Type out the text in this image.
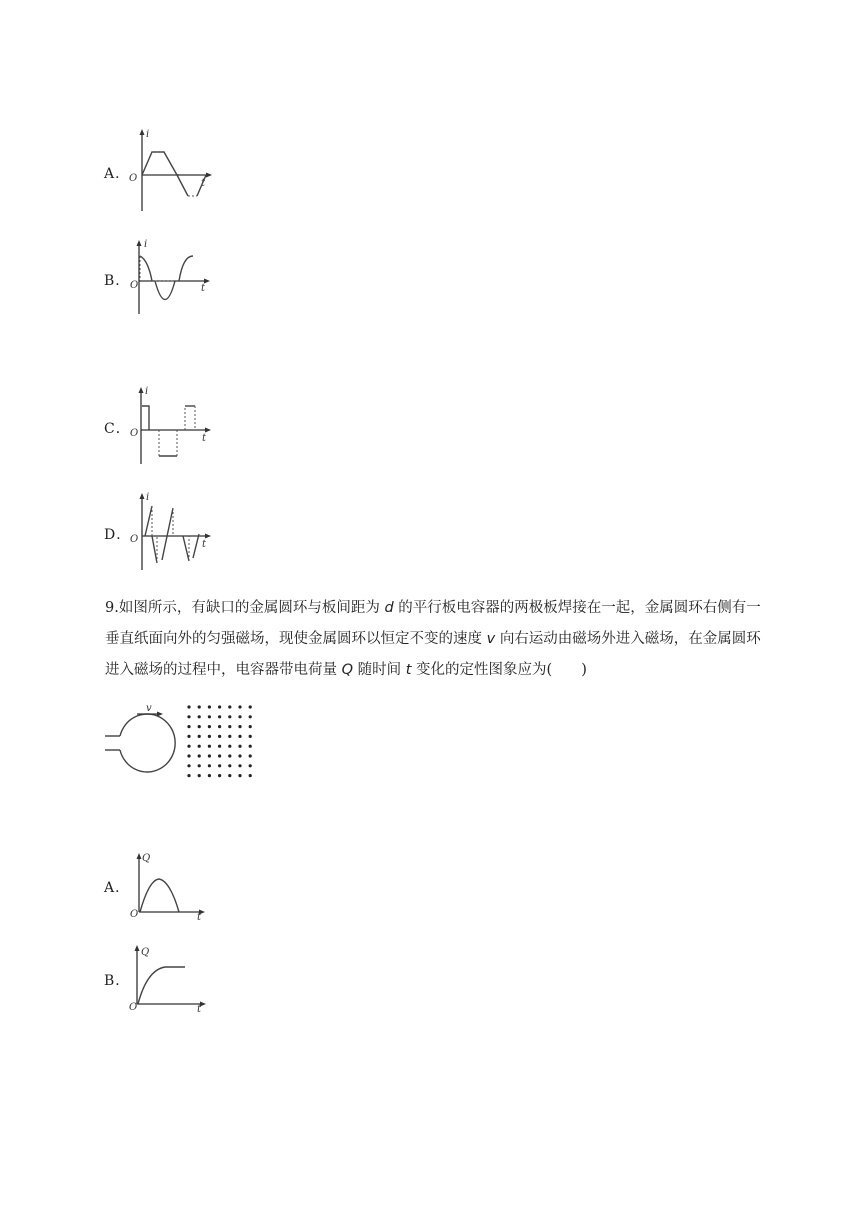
A．
i
O	t
B．
i
O	t
C．
i
O	t
D．
i
O	t
9.如图所示，有缺口的金属圆环与板间距为 d 的平行板电容器的两极板焊接在一起，金属圆环右侧有一垂直纸面向外的匀强磁场，现使金属圆环以恒定不变的速度 v 向右运动由磁场外进入磁场，在金属圆环进入磁场的过程中，电容器带电荷量 Q 随时间 t 变化的定性图象应为(　　)
v
A．
Q
O	t
B．
Q
O	t
